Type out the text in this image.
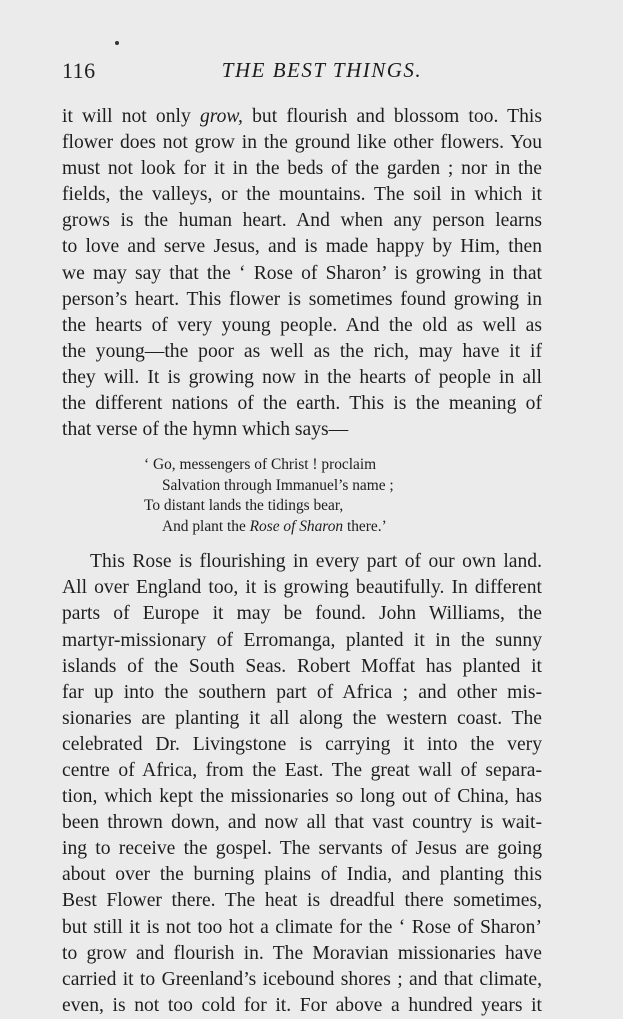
116	THE BEST THINGS.
it will not only grow, but flourish and blossom too. This
flower does not grow in the ground like other flowers. You
must not look for it in the beds of the garden ; nor in the
fields, the valleys, or the mountains. The soil in which it
grows is the human heart. And when any person learns
to love and serve Jesus, and is made happy by Him, then
we may say that the ‘ Rose of Sharon’ is growing in that
person’s heart. This flower is sometimes found growing in
the hearts of very young people. And the old as well as
the young—the poor as well as the rich, may have it if
they will. It is growing now in the hearts of people in all
the different nations of the earth. This is the meaning of
that verse of the hymn which says—
‘ Go, messengers of Christ ! proclaim
Salvation through Immanuel’s name ;
To distant lands the tidings bear,
And plant the Rose of Sharon there.’
This Rose is flourishing in every part of our own land.
All over England too, it is growing beautifully. In different
parts of Europe it may be found. John Williams, the
martyr-missionary of Erromanga, planted it in the sunny
islands of the South Seas. Robert Moffat has planted it
far up into the southern part of Africa ; and other mis-
sionaries are planting it all along the western coast. The
celebrated Dr. Livingstone is carrying it into the very
centre of Africa, from the East. The great wall of separa-
tion, which kept the missionaries so long out of China, has
been thrown down, and now all that vast country is wait-
ing to receive the gospel. The servants of Jesus are going
about over the burning plains of India, and planting this
Best Flower there. The heat is dreadful there sometimes,
but still it is not too hot a climate for the ‘ Rose of Sharon’
to grow and flourish in. The Moravian missionaries have
carried it to Greenland’s icebound shores ; and that climate,
even, is not too cold for it. For above a hundred years it
